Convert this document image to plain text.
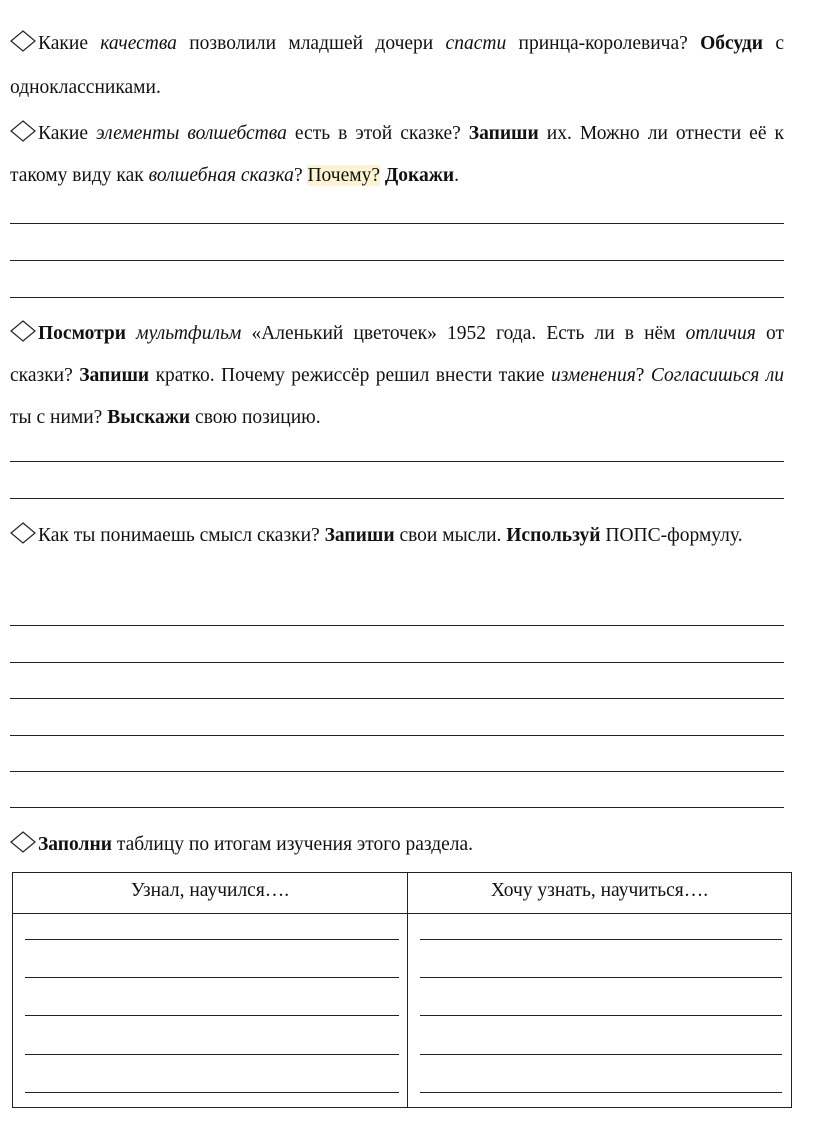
Какие качества позволили младшей дочери спасти принца-королевича? Обсуди с одноклассниками.
Какие элементы волшебства есть в этой сказке? Запиши их. Можно ли отнести её к такому виду как волшебная сказка? Почему? Докажи.
Посмотри мультфильм «Аленький цветочек» 1952 года. Есть ли в нём отличия от сказки? Запиши кратко. Почему режиссёр решил внести такие изменения? Согласишься ли ты с ними? Выскажи свою позицию.
Как ты понимаешь смысл сказки? Запиши свои мысли. Используй ПОПС-формулу.
Заполни таблицу по итогам изучения этого раздела.
Узнал, научился….	Хочу узнать, научиться….
